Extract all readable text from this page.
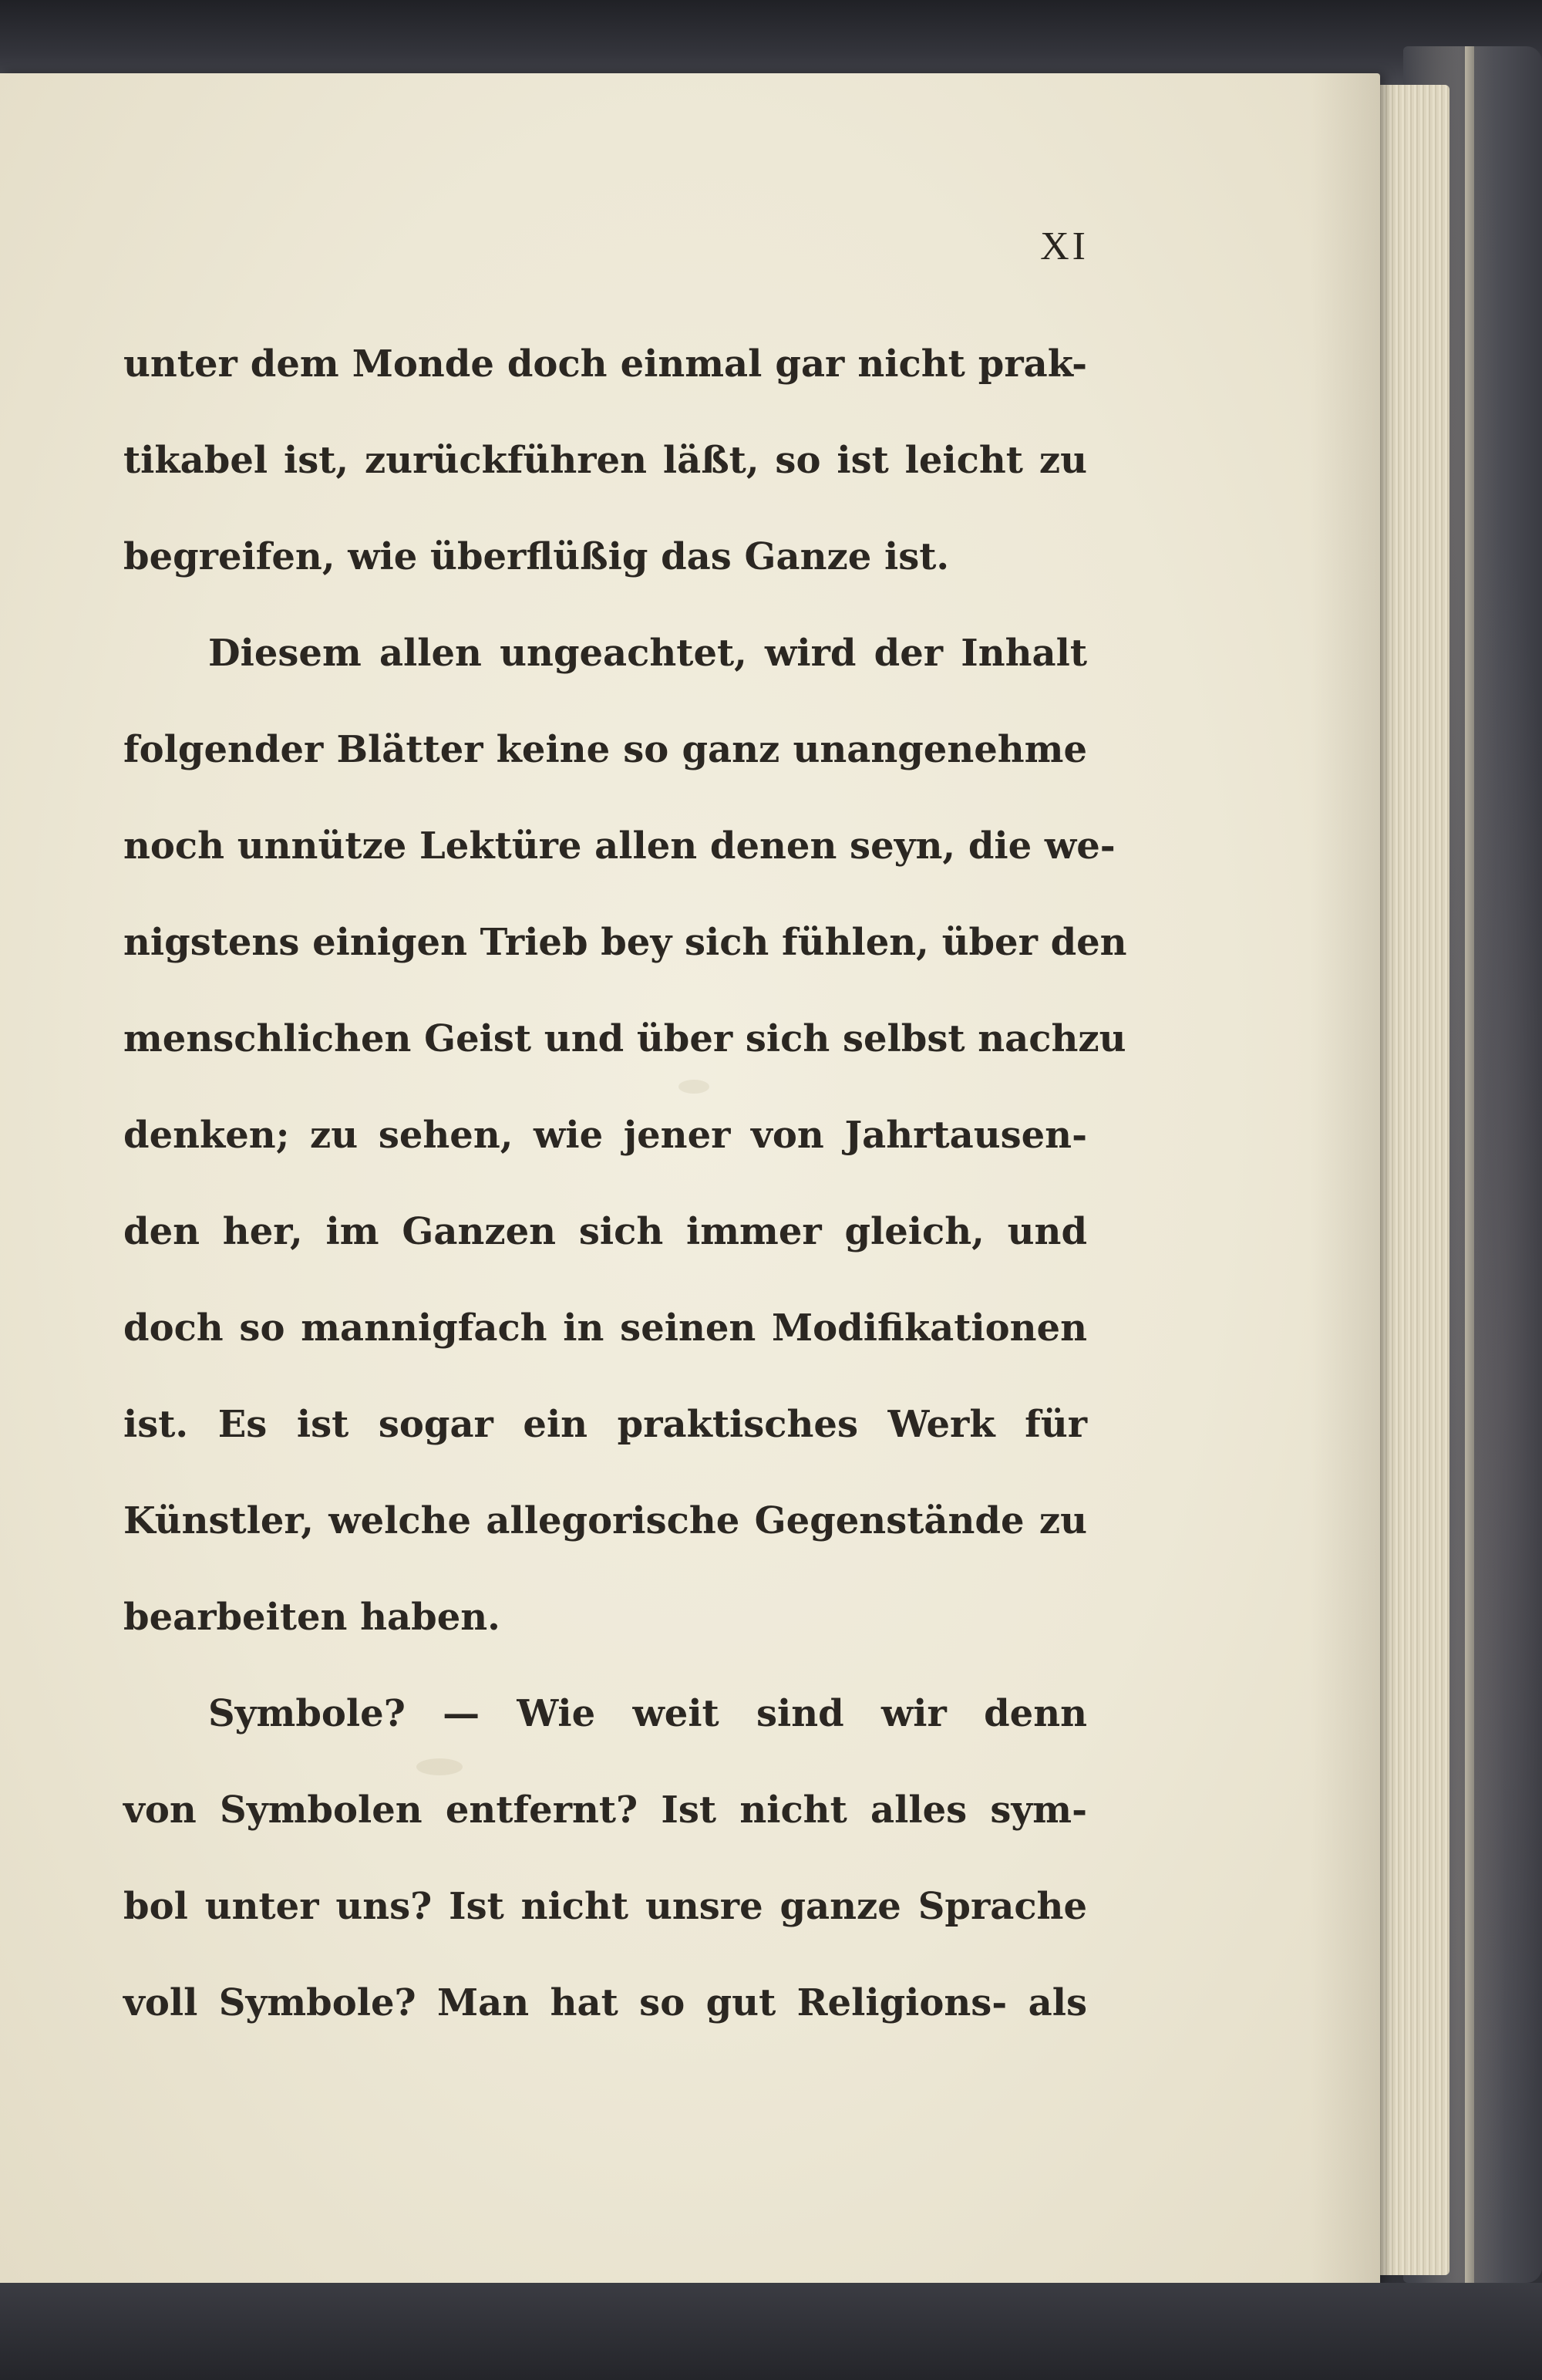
XI
unter dem Monde doch einmal gar nicht prak-
tikabel ist, zurückführen läßt, so ist leicht zu
begreifen, wie überflüßig das Ganze ist.
Diesem allen ungeachtet, wird der Inhalt
folgender Blätter keine so ganz unangenehme
noch unnütze Lektüre allen denen seyn, die we-
nigstens einigen Trieb bey sich fühlen, über den
menschlichen Geist und über sich selbst nachzu
denken; zu sehen, wie jener von Jahrtausen-
den her, im Ganzen sich immer gleich, und
doch so mannigfach in seinen Modifikationen
ist. Es ist sogar ein praktisches Werk für
Künstler, welche allegorische Gegenstände zu
bearbeiten haben.
Symbole? — Wie weit sind wir denn
von Symbolen entfernt? Ist nicht alles sym-
bol unter uns? Ist nicht unsre ganze Sprache
voll Symbole? Man hat so gut Religions- als
